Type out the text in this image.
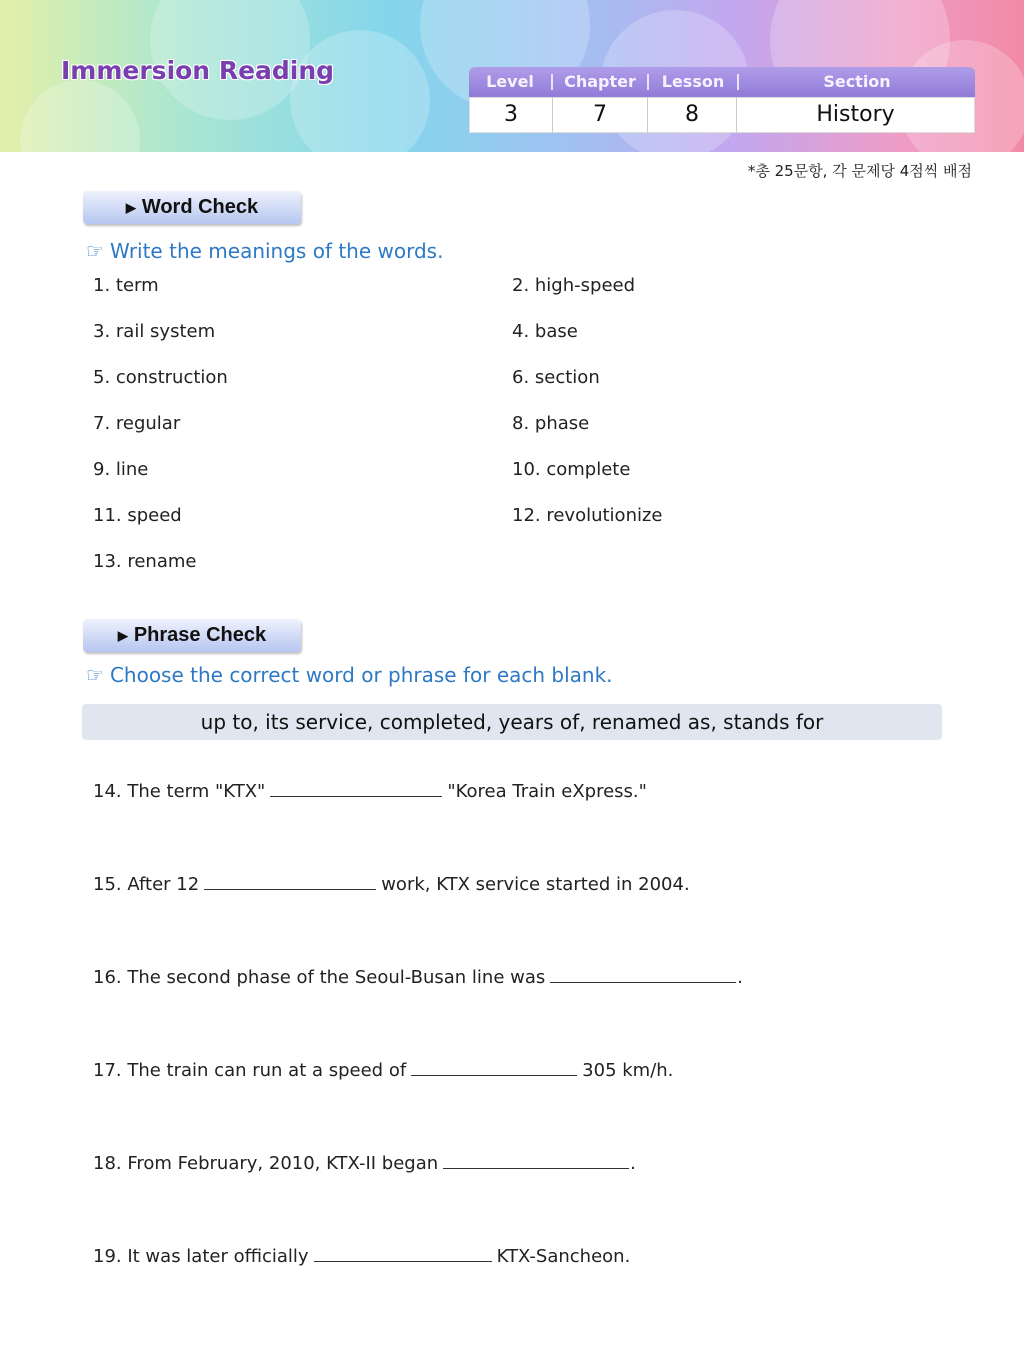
Immersion Reading	Level	Chapter	Lesson	Section
3	7	8	History
*총 25문항, 각 문제당 4점씩 배점
▶ Word Check
☞ Write the meanings of the words.
1. term	2. high-speed
3. rail system	4. base
5. construction	6. section
7. regular	8. phase
9. line	10. complete
11. speed	12. revolutionize
13. rename
▶ Phrase Check
☞ Choose the correct word or phrase for each blank.
up to, its service, completed, years of, renamed as, stands for
14. The term "KTX"	"Korea Train eXpress."
15. After 12	work, KTX service started in 2004.
16. The second phase of the Seoul-Busan line was	.
17. The train can run at a speed of	305 km/h.
18. From February, 2010, KTX-II began	.
19. It was later officially	KTX-Sancheon.
